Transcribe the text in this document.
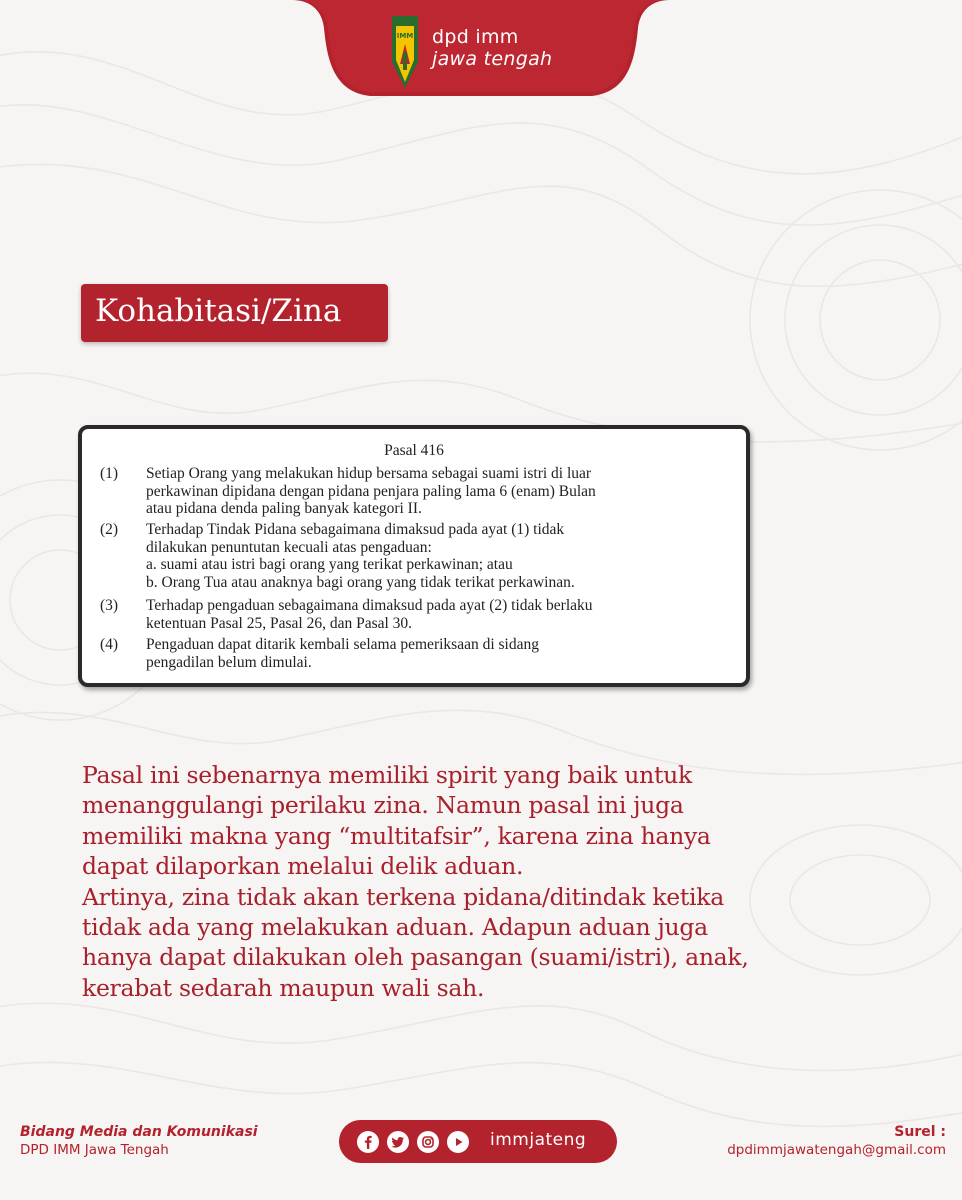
IMM dpd imm
jawa tengah
Kohabitasi/Zina
Pasal 416
(1) Setiap Orang yang melakukan hidup bersama sebagai suami istri di luar
perkawinan dipidana dengan pidana penjara paling lama 6 (enam) Bulan
atau pidana denda paling banyak kategori II.
(2) Terhadap Tindak Pidana sebagaimana dimaksud pada ayat (1) tidak
dilakukan penuntutan kecuali atas pengaduan:
a. suami atau istri bagi orang yang terikat perkawinan; atau
b. Orang Tua atau anaknya bagi orang yang tidak terikat perkawinan.
(3) Terhadap pengaduan sebagaimana dimaksud pada ayat (2) tidak berlaku
ketentuan Pasal 25, Pasal 26, dan Pasal 30.
(4) Pengaduan dapat ditarik kembali selama pemeriksaan di sidang
pengadilan belum dimulai.
Pasal ini sebenarnya memiliki spirit yang baik untuk
menanggulangi perilaku zina. Namun pasal ini juga
memiliki makna yang “multitafsir”, karena zina hanya
dapat dilaporkan melalui delik aduan.
Artinya, zina tidak akan terkena pidana/ditindak ketika
tidak ada yang melakukan aduan. Adapun aduan juga
hanya dapat dilakukan oleh pasangan (suami/istri), anak,
kerabat sedarah maupun wali sah.
Bidang Media dan Komunikasi
DPD IMM Jawa Tengah	immjateng	Surel :
dpdimmjawatengah@gmail.com
